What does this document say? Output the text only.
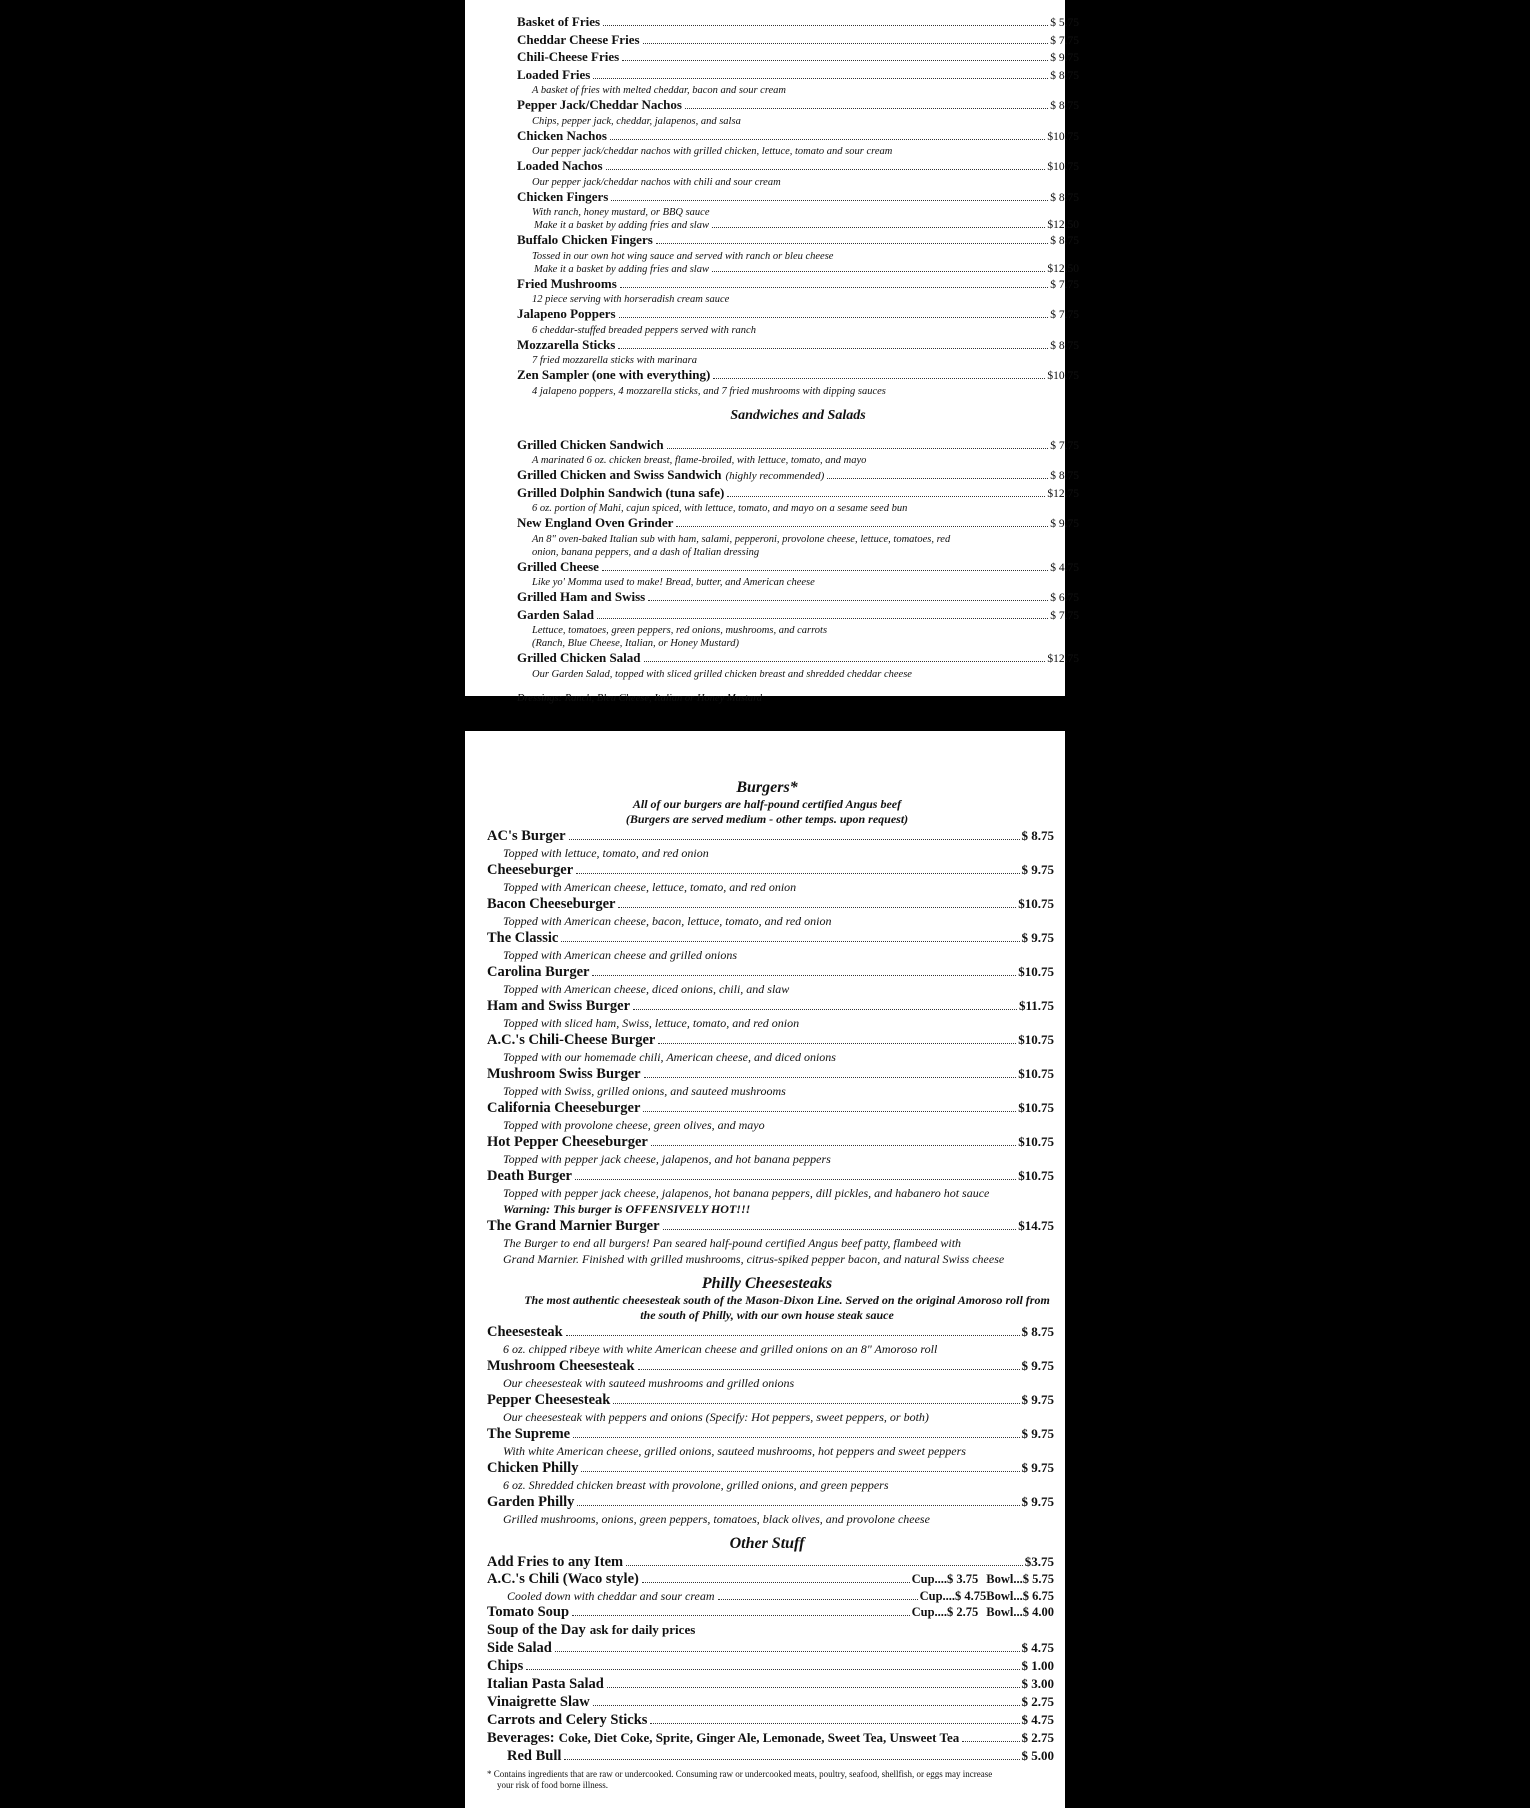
Basket of Fries	$ 5.75
Cheddar Cheese Fries	$ 7.75
Chili-Cheese Fries	$ 9.75
Loaded Fries	$ 8.75
A basket of fries with melted cheddar, bacon and sour cream
Pepper Jack/Cheddar Nachos	$ 8.75
Chips, pepper jack, cheddar, jalapenos, and salsa
Chicken Nachos	$10.75
Our pepper jack/cheddar nachos with grilled chicken, lettuce, tomato and sour cream
Loaded Nachos	$10.75
Our pepper jack/cheddar nachos with chili and sour cream
Chicken Fingers	$ 8.75
With ranch, honey mustard, or BBQ sauce
Make it a basket by adding fries and slaw	$12.50
Buffalo Chicken Fingers	$ 8.75
Tossed in our own hot wing sauce and served with ranch or bleu cheese
Make it a basket by adding fries and slaw	$12.50
Fried Mushrooms	$ 7.75
12 piece serving with horseradish cream sauce
Jalapeno Poppers	$ 7.75
6 cheddar-stuffed breaded peppers served with ranch
Mozzarella Sticks	$ 8.75
7 fried mozzarella sticks with marinara
Zen Sampler (one with everything)	$10.75
4 jalapeno poppers, 4 mozzarella sticks, and 7 fried mushrooms with dipping sauces
Sandwiches and Salads
Grilled Chicken Sandwich	$ 7.75
A marinated 6 oz. chicken breast, flame-broiled, with lettuce, tomato, and mayo
Grilled Chicken and Swiss Sandwich (highly recommended)	$ 8.75
Grilled Dolphin Sandwich (tuna safe)	$12.75
6 oz. portion of Mahi, cajun spiced, with lettuce, tomato, and mayo on a sesame seed bun
New England Oven Grinder	$ 9.75
An 8" oven-baked Italian sub with ham, salami, pepperoni, provolone cheese, lettuce, tomatoes, red
onion, banana peppers, and a dash of Italian dressing
Grilled Cheese	$ 4.75
Like yo' Momma used to make! Bread, butter, and American cheese
Grilled Ham and Swiss	$ 6.75
Garden Salad	$ 7.75
Lettuce, tomatoes, green peppers, red onions, mushrooms, and carrots
(Ranch, Blue Cheese, Italian, or Honey Mustard)
Grilled Chicken Salad	$12.75
Our Garden Salad, topped with sliced grilled chicken breast and shredded cheddar cheese
Dressings: Ranch, Bleu Cheese, Italian or Honey Mustard
Burgers*
All of our burgers are half-pound certified Angus beef
(Burgers are served medium - other temps. upon request)
AC's Burger	$ 8.75
Topped with lettuce, tomato, and red onion
Cheeseburger	$ 9.75
Topped with American cheese, lettuce, tomato, and red onion
Bacon Cheeseburger	$10.75
Topped with American cheese, bacon, lettuce, tomato, and red onion
The Classic	$ 9.75
Topped with American cheese and grilled onions
Carolina Burger	$10.75
Topped with American cheese, diced onions, chili, and slaw
Ham and Swiss Burger	$11.75
Topped with sliced ham, Swiss, lettuce, tomato, and red onion
A.C.'s Chili-Cheese Burger	$10.75
Topped with our homemade chili, American cheese, and diced onions
Mushroom Swiss Burger	$10.75
Topped with Swiss, grilled onions, and sauteed mushrooms
California Cheeseburger	$10.75
Topped with provolone cheese, green olives, and mayo
Hot Pepper Cheeseburger	$10.75
Topped with pepper jack cheese, jalapenos, and hot banana peppers
Death Burger	$10.75
Topped with pepper jack cheese, jalapenos, hot banana peppers, dill pickles, and habanero hot sauce
Warning: This burger is OFFENSIVELY HOT!!!
The Grand Marnier Burger	$14.75
The Burger to end all burgers! Pan seared half-pound certified Angus beef patty, flambeed with
Grand Marnier. Finished with grilled mushrooms, citrus-spiked pepper bacon, and natural Swiss cheese
Philly Cheesesteaks
The most authentic cheesesteak south of the Mason-Dixon Line. Served on the original Amoroso roll from
the south of Philly, with our own house steak sauce
Cheesesteak	$ 8.75
6 oz. chipped ribeye with white American cheese and grilled onions on an 8" Amoroso roll
Mushroom Cheesesteak	$ 9.75
Our cheesesteak with sauteed mushrooms and grilled onions
Pepper Cheesesteak	$ 9.75
Our cheesesteak with peppers and onions (Specify: Hot peppers, sweet peppers, or both)
The Supreme	$ 9.75
With white American cheese, grilled onions, sauteed mushrooms, hot peppers and sweet peppers
Chicken Philly	$ 9.75
6 oz. Shredded chicken breast with provolone, grilled onions, and green peppers
Garden Philly	$ 9.75
Grilled mushrooms, onions, green peppers, tomatoes, black olives, and provolone cheese
Other Stuff
Add Fries to any Item	$3.75
A.C.'s Chili (Waco style)	Cup....$ 3.75 Bowl...$ 5.75
Cooled down with cheddar and sour cream	Cup....$ 4.75 Bowl...$ 6.75
Tomato Soup	Cup....$ 2.75 Bowl...$ 4.00
Soup of the Day ask for daily prices
Side Salad	$ 4.75
Chips	$ 1.00
Italian Pasta Salad	$ 3.00
Vinaigrette Slaw	$ 2.75
Carrots and Celery Sticks	$ 4.75
Beverages: Coke, Diet Coke, Sprite, Ginger Ale, Lemonade, Sweet Tea, Unsweet Tea	$ 2.75
Red Bull	$ 5.00
* Contains ingredients that are raw or undercooked. Consuming raw or undercooked meats, poultry, seafood, shellfish, or eggs may increase
your risk of food borne illness.
